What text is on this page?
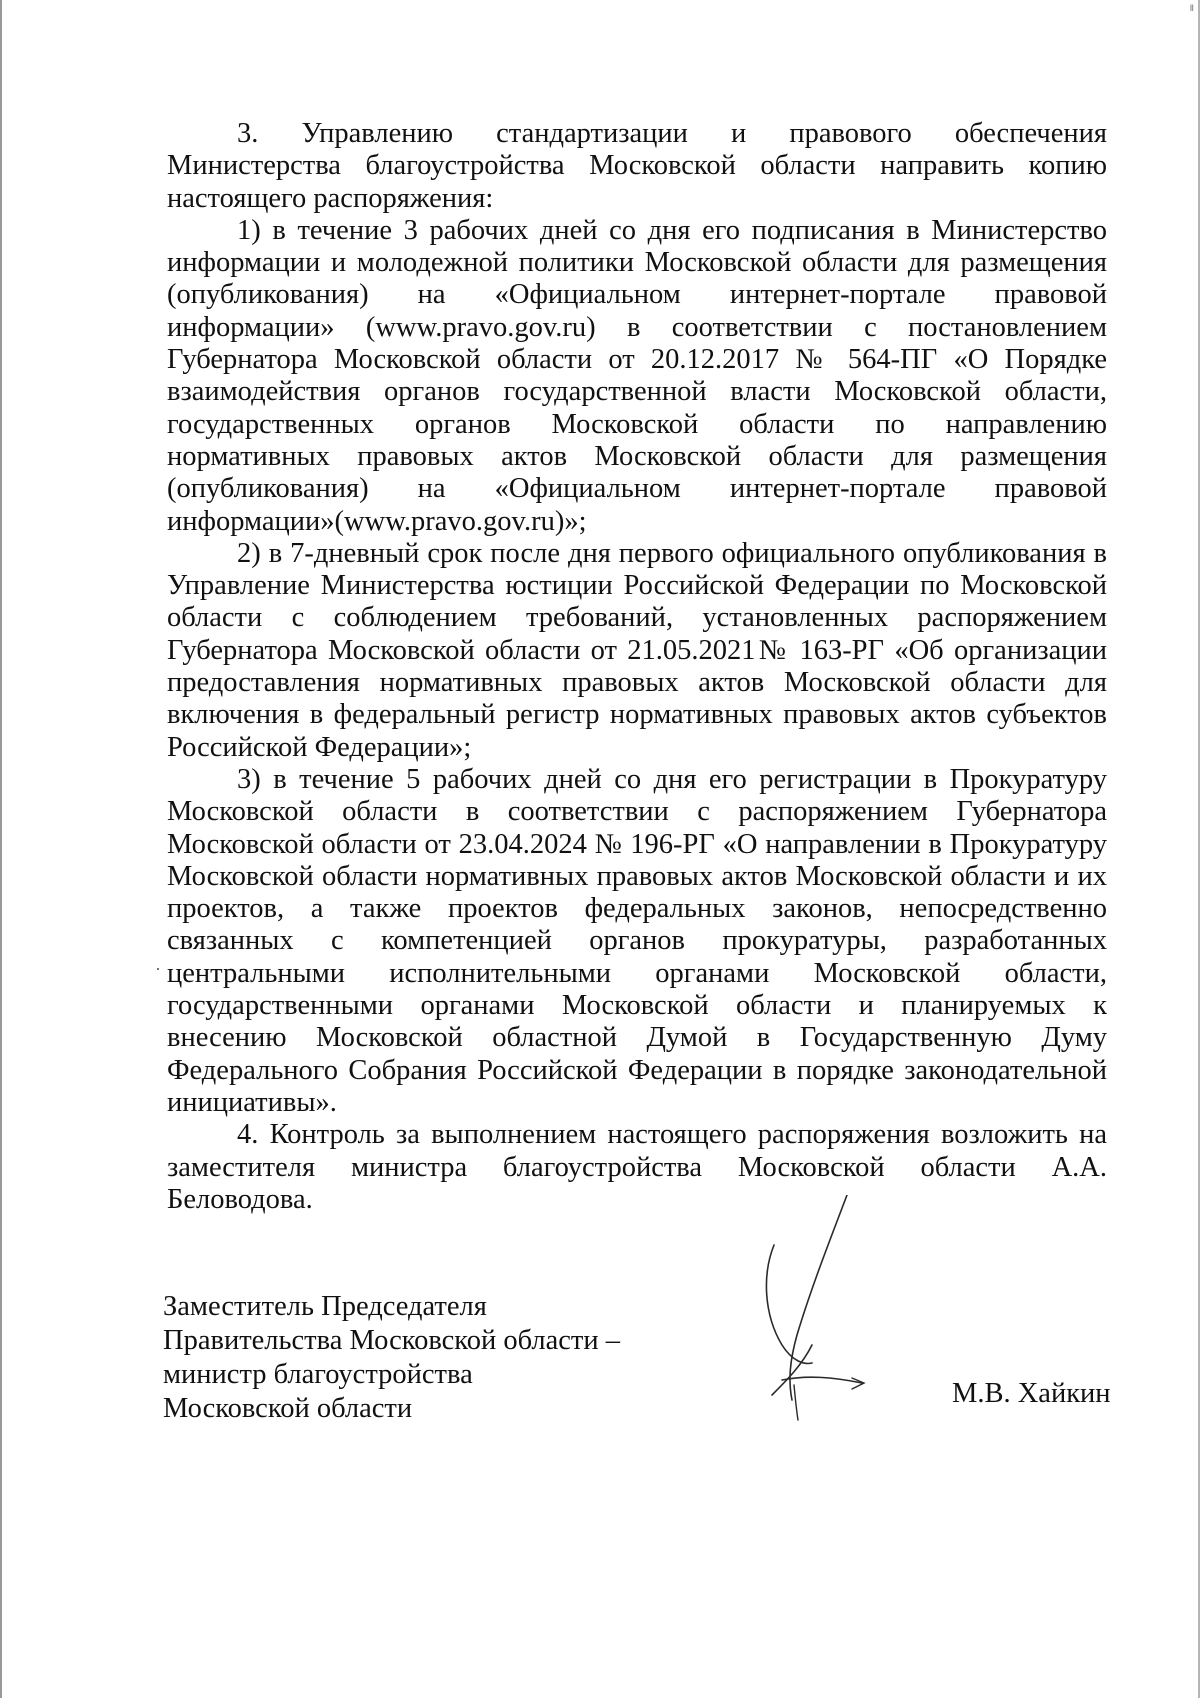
Ⅱ

3. Управлению стандартизации и правового обеспечения Министерства благоустройства Московской области направить копию настоящего распоряжения:

1) в течение 3 рабочих дней со дня его подписания в Министерство информации и молодежной политики Московской области для размещения (опубликования) на «Официальном интернет-портале правовой информации» (www.pravo.gov.ru) в соответствии с постановлением Губернатора Московской области от 20.12.2017 № 564-ПГ «О Порядке взаимодействия органов государственной власти Московской области, государственных органов Московской области по направлению нормативных правовых актов Московской области для размещения (опубликования) на «Официальном интернет-портале правовой информации»(www.pravo.gov.ru)»;

2) в 7-дневный срок после дня первого официального опубликования в Управление Министерства юстиции Российской Федерации по Московской области с соблюдением требований, установленных распоряжением Губернатора Московской области от 21.05.2021№ 163-РГ «Об организации предоставления нормативных правовых актов Московской области для включения в федеральный регистр нормативных правовых актов субъектов Российской Федерации»;

3) в течение 5 рабочих дней со дня его регистрации в Прокуратуру Московской области в соответствии с распоряжением Губернатора Московской области от 23.04.2024 № 196-РГ «О направлении в Прокуратуру Московской области нормативных правовых актов Московской области и их проектов, а также проектов федеральных законов, непосредственно связанных с компетенцией органов прокуратуры, разработанных центральными исполнительными органами Московской области, государственными органами Московской области и планируемых к внесению Московской областной Думой в Государственную Думу Федерального Собрания Российской Федерации в порядке законодательной инициативы».

4. Контроль за выполнением настоящего распоряжения возложить на заместителя министра благоустройства Московской области А.А. Беловодова.

Заместитель Председателя
Правительства Московской области –
министр благоустройства
Московской области	М.В. Хайкин
